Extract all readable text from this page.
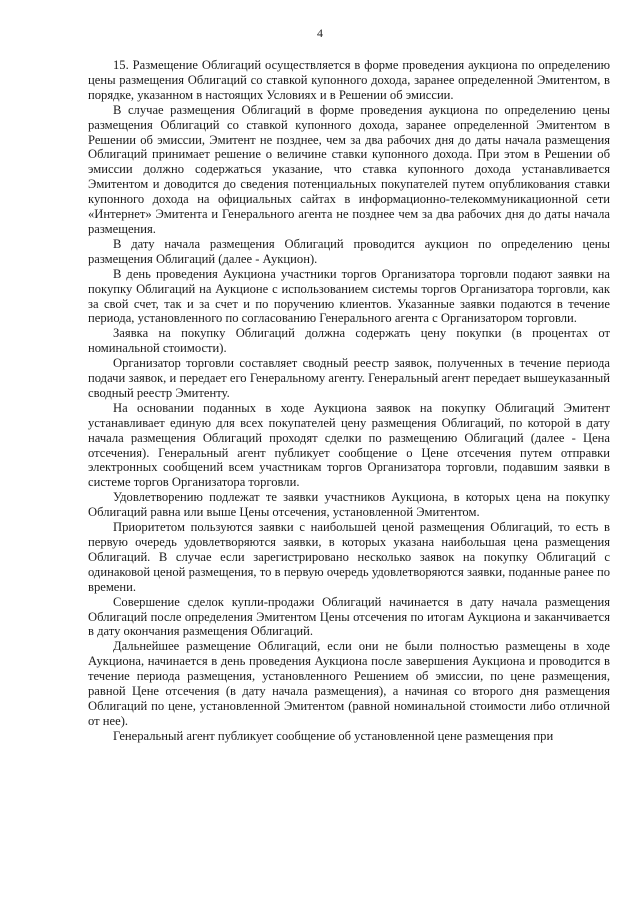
4

15. Размещение Облигаций осуществляется в форме проведения аукциона по определению цены размещения Облигаций со ставкой купонного дохода, заранее определенной Эмитентом, в порядке, указанном в настоящих Условиях и в Решении об эмиссии.

В случае размещения Облигаций в форме проведения аукциона по определению цены размещения Облигаций со ставкой купонного дохода, заранее определенной Эмитентом в Решении об эмиссии, Эмитент не позднее, чем за два рабочих дня до даты начала размещения Облигаций принимает решение о величине ставки купонного дохода. При этом в Решении об эмиссии должно содержаться указание, что ставка купонного дохода устанавливается Эмитентом и доводится до сведения потенциальных покупателей путем опубликования ставки купонного дохода на официальных сайтах в информационно-телекоммуникационной сети «Интернет» Эмитента и Генерального агента не позднее чем за два рабочих дня до даты начала размещения.

В дату начала размещения Облигаций проводится аукцион по определению цены размещения Облигаций (далее - Аукцион).

В день проведения Аукциона участники торгов Организатора торговли подают заявки на покупку Облигаций на Аукционе с использованием системы торгов Организатора торговли, как за свой счет, так и за счет и по поручению клиентов. Указанные заявки подаются в течение периода, установленного по согласованию Генерального агента с Организатором торговли.

Заявка на покупку Облигаций должна содержать цену покупки (в процентах от номинальной стоимости).

Организатор торговли составляет сводный реестр заявок, полученных в течение периода подачи заявок, и передает его Генеральному агенту. Генеральный агент передает вышеуказанный сводный реестр Эмитенту.

На основании поданных в ходе Аукциона заявок на покупку Облигаций Эмитент устанавливает единую для всех покупателей цену размещения Облигаций, по которой в дату начала размещения Облигаций проходят сделки по размещению Облигаций (далее - Цена отсечения). Генеральный агент публикует сообщение о Цене отсечения путем отправки электронных сообщений всем участникам торгов Организатора торговли, подавшим заявки в системе торгов Организатора торговли.

Удовлетворению подлежат те заявки участников Аукциона, в которых цена на покупку Облигаций равна или выше Цены отсечения, установленной Эмитентом.

Приоритетом пользуются заявки с наибольшей ценой размещения Облигаций, то есть в первую очередь удовлетворяются заявки, в которых указана наибольшая цена размещения Облигаций. В случае если зарегистрировано несколько заявок на покупку Облигаций с одинаковой ценой размещения, то в первую очередь удовлетворяются заявки, поданные ранее по времени.

Совершение сделок купли-продажи Облигаций начинается в дату начала размещения Облигаций после определения Эмитентом Цены отсечения по итогам Аукциона и заканчивается в дату окончания размещения Облигаций.

Дальнейшее размещение Облигаций, если они не были полностью размещены в ходе Аукциона, начинается в день проведения Аукциона после завершения Аукциона и проводится в течение периода размещения, установленного Решением об эмиссии, по цене размещения, равной Цене отсечения (в дату начала размещения), а начиная со второго дня размещения Облигаций по цене, установленной Эмитентом (равной номинальной стоимости либо отличной от нее).

Генеральный агент публикует сообщение об установленной цене размещения при
